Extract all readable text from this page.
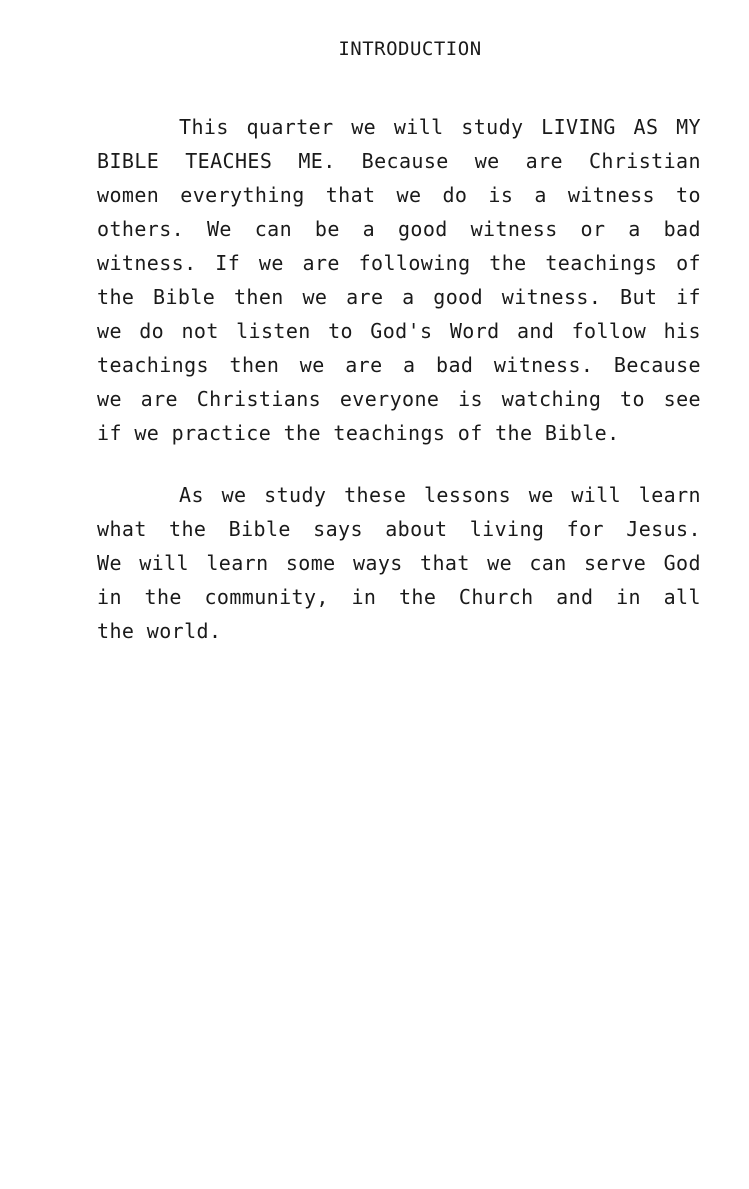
INTRODUCTION
This quarter we will study LIVING AS MY
BIBLE TEACHES ME. Because we are Christian
women everything that we do is a witness to
others. We can be a good witness or a bad
witness. If we are following the teachings of
the Bible then we are a good witness. But if
we do not listen to God's Word and follow his
teachings then we are a bad witness. Because
we are Christians everyone is watching to see
if we practice the teachings of the Bible.
As we study these lessons we will learn
what the Bible says about living for Jesus.
We will learn some ways that we can serve God
in the community, in the Church and in all
the world.
